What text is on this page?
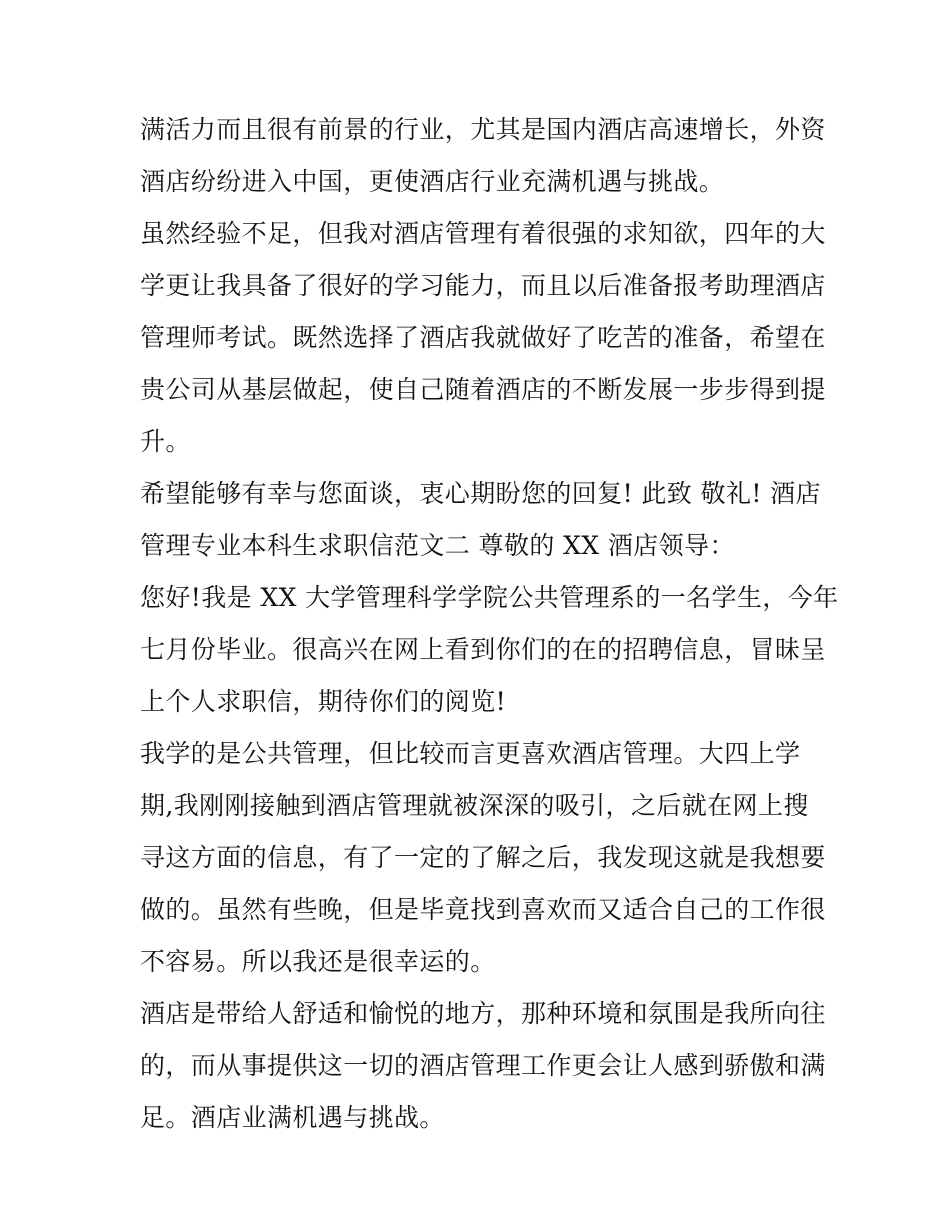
满活力而且很有前景的行业，尤其是国内酒店高速增长，外资
酒店纷纷进入中国，更使酒店行业充满机遇与挑战。
虽然经验不足，但我对酒店管理有着很强的求知欲，四年的大
学更让我具备了很好的学习能力，而且以后准备报考助理酒店
管理师考试。既然选择了酒店我就做好了吃苦的准备，希望在
贵公司从基层做起，使自己随着酒店的不断发展一步步得到提
升。
希望能够有幸与您面谈，衷心期盼您的回复! 此致 敬礼! 酒店
管理专业本科生求职信范文二 尊敬的 XX 酒店领导：
您好!我是 XX 大学管理科学学院公共管理系的一名学生，今年
七月份毕业。很高兴在网上看到你们的在的招聘信息，冒昧呈
上个人求职信，期待你们的阅览!
我学的是公共管理，但比较而言更喜欢酒店管理。大四上学
期,我刚刚接触到酒店管理就被深深的吸引，之后就在网上搜
寻这方面的信息，有了一定的了解之后，我发现这就是我想要
做的。虽然有些晚，但是毕竟找到喜欢而又适合自己的工作很
不容易。所以我还是很幸运的。
酒店是带给人舒适和愉悦的地方，那种环境和氛围是我所向往
的，而从事提供这一切的酒店管理工作更会让人感到骄傲和满
足。酒店业满机遇与挑战。
